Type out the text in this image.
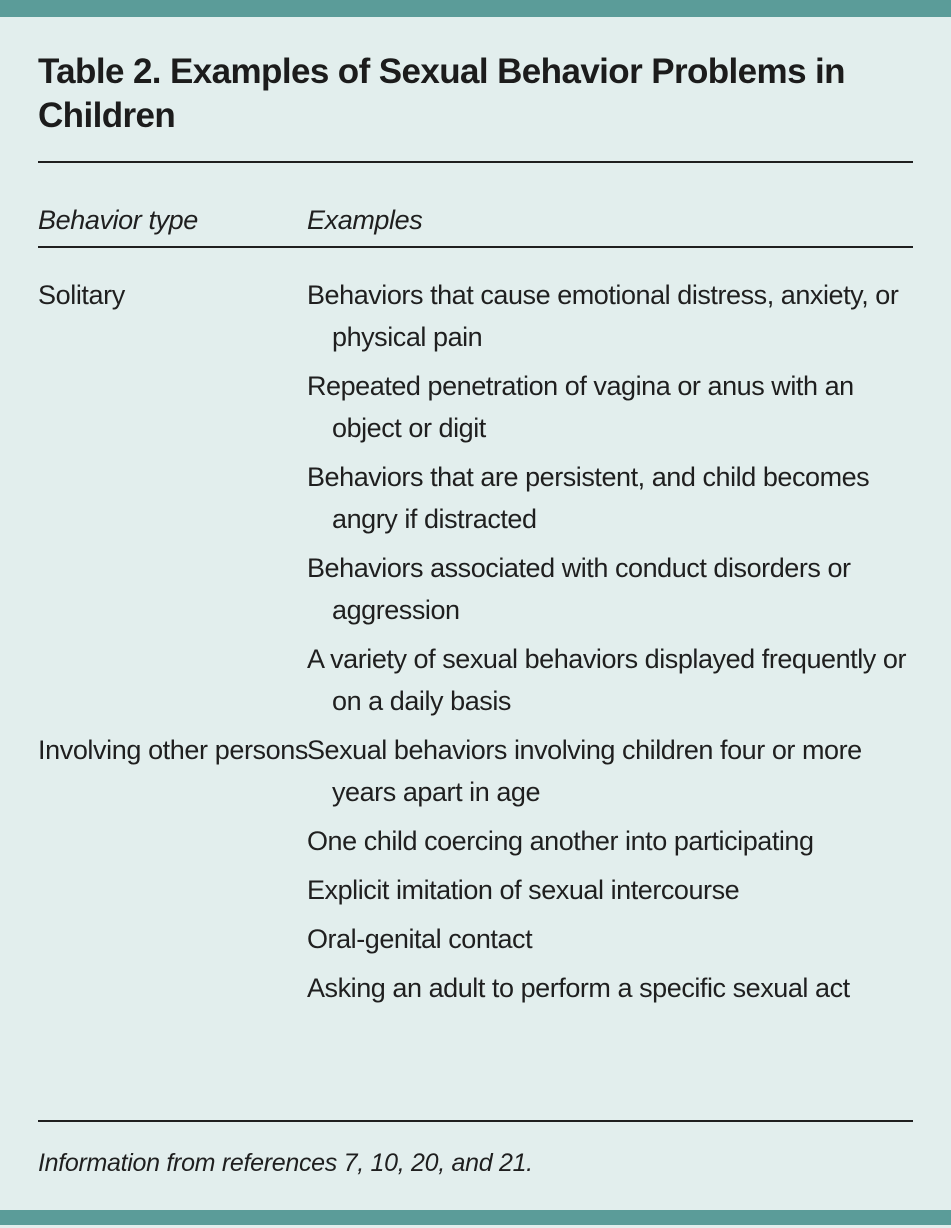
Table 2. Examples of Sexual Behavior Problems in Children
Behavior type	Examples
Solitary	Behaviors that cause emotional distress, anxiety, or physical pain
Repeated penetration of vagina or anus with an object or digit
Behaviors that are persistent, and child becomes angry if distracted
Behaviors associated with conduct disorders or aggression
A variety of sexual behaviors displayed frequently or on a daily basis
Involving other persons Sexual behaviors involving children four or more years apart in age
One child coercing another into participating
Explicit imitation of sexual intercourse
Oral-genital contact
Asking an adult to perform a specific sexual act
Information from references 7, 10, 20, and 21.
